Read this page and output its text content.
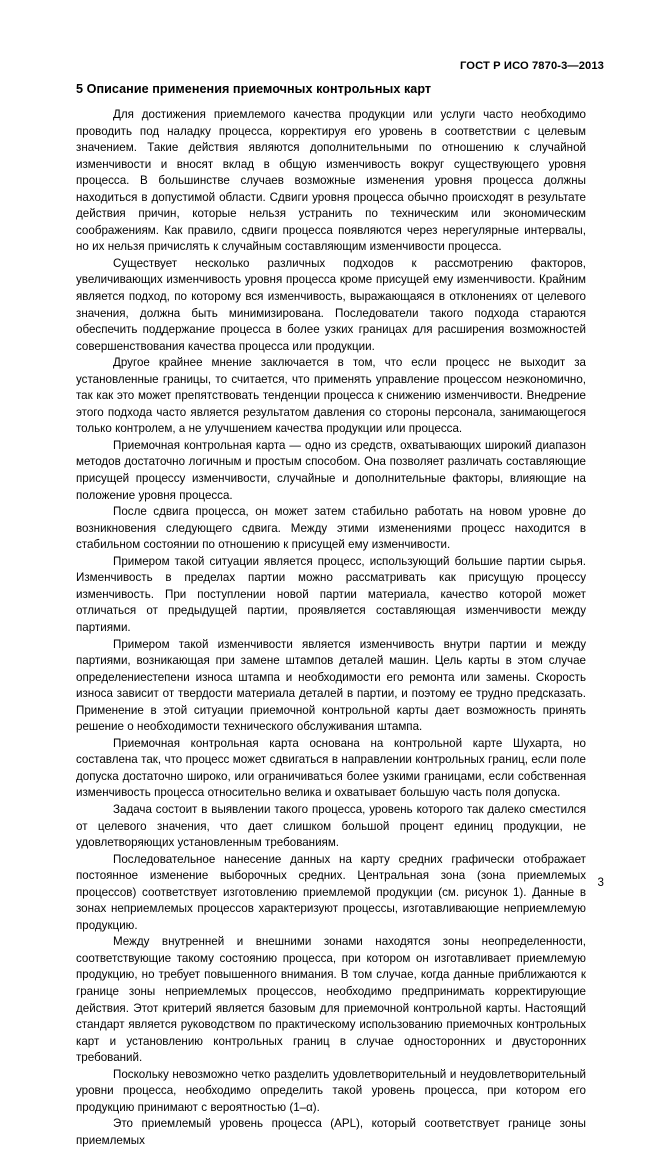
ГОСТ Р ИСО 7870-3—2013
5 Описание применения приемочных контрольных карт

Для достижения приемлемого качества продукции или услуги часто необходимо проводить под наладку процесса, корректируя его уровень в соответствии с целевым значением. Такие действия являются дополнительными по отношению к случайной изменчивости и вносят вклад в общую изменчивость вокруг существующего уровня процесса. В большинстве случаев возможные изменения уровня процесса должны находиться в допустимой области. Сдвиги уровня процесса обычно происходят в результате действия причин, которые нельзя устранить по техническим или экономическим соображениям. Как правило, сдвиги процесса появляются через нерегулярные интервалы, но их нельзя причислять к случайным составляющим изменчивости процесса.

Существует несколько различных подходов к рассмотрению факторов, увеличивающих изменчивость уровня процесса кроме присущей ему изменчивости. Крайним является подход, по которому вся изменчивость, выражающаяся в отклонениях от целевого значения, должна быть минимизирована. Последователи такого подхода стараются обеспечить поддержание процесса в более узких границах для расширения возможностей совершенствования качества процесса или продукции.

Другое крайнее мнение заключается в том, что если процесс не выходит за установленные границы, то считается, что применять управление процессом неэкономично, так как это может препятствовать тенденции процесса к снижению изменчивости. Внедрение этого подхода часто является результатом давления со стороны персонала, занимающегося только контролем, а не улучшением качества продукции или процесса.

Приемочная контрольная карта — одно из средств, охватывающих широкий диапазон методов достаточно логичным и простым способом. Она позволяет различать составляющие присущей процессу изменчивости, случайные и дополнительные факторы, влияющие на положение уровня процесса.

После сдвига процесса, он может затем стабильно работать на новом уровне до возникновения следующего сдвига. Между этими изменениями процесс находится в стабильном состоянии по отношению к присущей ему изменчивости.

Примером такой ситуации является процесс, использующий большие партии сырья. Изменчивость в пределах партии можно рассматривать как присущую процессу изменчивость. При поступлении новой партии материала, качество которой может отличаться от предыдущей партии, проявляется составляющая изменчивости между партиями.

Примером такой изменчивости является изменчивость внутри партии и между партиями, возникающая при замене штампов деталей машин. Цель карты в этом случае определениестепени износа штампа и необходимости его ремонта или замены. Скорость износа зависит от твердости материала деталей в партии, и поэтому ее трудно предсказать. Применение в этой ситуации приемочной контрольной карты дает возможность принять решение о необходимости технического обслуживания штампа.

Приемочная контрольная карта основана на контрольной карте Шухарта, но составлена так, что процесс может сдвигаться в направлении контрольных границ, если поле допуска достаточно широко, или ограничиваться более узкими границами, если собственная изменчивость процесса относительно велика и охватывает большую часть поля допуска.

Задача состоит в выявлении такого процесса, уровень которого так далеко сместился от целевого значения, что дает слишком большой процент единиц продукции, не удовлетворяющих установленным требованиям.

Последовательное нанесение данных на карту средних графически отображает постоянное изменение выборочных средних. Центральная зона (зона приемлемых процессов) соответствует изготовлению приемлемой продукции (см. рисунок 1). Данные в зонах неприемлемых процессов характеризуют процессы, изготавливающие неприемлемую продукцию.

Между внутренней и внешними зонами находятся зоны неопределенности, соответствующие такому состоянию процесса, при котором он изготавливает приемлемую продукцию, но требует повышенного внимания. В том случае, когда данные приближаются к границе зоны неприемлемых процессов, необходимо предпринимать корректирующие действия. Этот критерий является базовым для приемочной контрольной карты. Настоящий стандарт является руководством по практическому использованию приемочных контрольных карт и установлению контрольных границ в случае односторонних и двусторонних требований.

Поскольку невозможно четко разделить удовлетворительный и неудовлетворительный уровни процесса, необходимо определить такой уровень процесса, при котором его продукцию принимают с вероятностью (1–α).

Это приемлемый уровень процесса (APL), который соответствует границе зоны приемлемых

3
